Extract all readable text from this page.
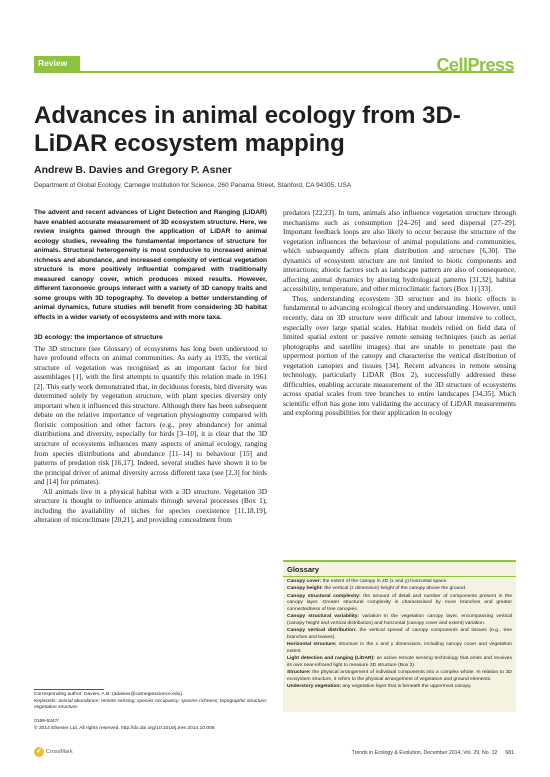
Review	CellPress
Advances in animal ecology from 3D-LiDAR ecosystem mapping
Andrew B. Davies and Gregory P. Asner
Department of Global Ecology, Carnegie Institution for Science, 260 Panama Street, Stanford, CA 94305, USA

The advent and recent advances of Light Detection and Ranging (LiDAR) have enabled accurate measurement of 3D ecosystem structure. Here, we review insights gained through the application of LiDAR to animal ecology studies, revealing the fundamental importance of structure for animals. Structural heterogeneity is most conducive to increased animal richness and abundance, and increased complexity of vertical vegetation structure is more positively influential compared with traditionally measured canopy cover, which produces mixed results. However, different taxonomic groups interact with a variety of 3D canopy traits and some groups with 3D topography. To develop a better understanding of animal dynamics, future studies will benefit from considering 3D habitat effects in a wider variety of ecosystems and with more taxa.

3D ecology: the importance of structure

The 3D structure (see Glossary) of ecosystems has long been understood to have profound effects on animal communities. As early as 1935, the vertical structure of vegetation was recognised as an important factor for bird assemblages [1], with the first attempts to quantify this relation made in 1961 [2]. This early work demonstrated that, in deciduous forests, bird diversity was determined solely by vegetation structure, with plant species diversity only important when it influenced this structure. Although there has been subsequent debate on the relative importance of vegetation physiognomy compared with floristic composition and other factors (e.g., prey abundance) for animal distributions and diversity, especially for birds [3–10], it is clear that the 3D structure of ecosystems influences many aspects of animal ecology, ranging from species distributions and abundance [11–14] to behaviour [15] and patterns of predation risk [16,17]. Indeed, several studies have shown it to be the principal driver of animal diversity across different taxa (see [2,3] for birds and [14] for primates).

All animals live in a physical habitat with a 3D structure. Vegetation 3D structure is thought to influence animals through several processes (Box 1), including the availability of niches for species coexistence [11,18,19], alteration of microclimate [20,21], and providing concealment from

predators [22,23]. In turn, animals also influence vegetation structure through mechanisms such as consumption [24–26] and seed dispersal [27–29]. Important feedback loops are also likely to occur because the structure of the vegetation influences the behaviour of animal populations and communities, which subsequently affects plant distribution and structure [6,30]. The dynamics of ecosystem structure are not limited to biotic components and interactions; abiotic factors such as landscape pattern are also of consequence, affecting animal dynamics by altering hydrological patterns [31,32], habitat accessibility, temperature, and other microclimatic factors (Box 1) [33].

Thus, understanding ecosystem 3D structure and its biotic effects is fundamental to advancing ecological theory and understanding. However, until recently, data on 3D structure were difficult and labour intensive to collect, especially over large spatial scales. Habitat models relied on field data of limited spatial extent or passive remote sensing techniques (such as aerial photographs and satellite images) that are unable to penetrate past the uppermost portion of the canopy and characterise the vertical distribution of vegetation canopies and tissues [34]. Recent advances in remote sensing technology, particularly LiDAR (Box 2), successfully addressed these difficulties, enabling accurate measurement of the 3D structure of ecosystems across spatial scales from tree branches to entire landscapes [34,35]. Much scientific effort has gone into validating the accuracy of LiDAR measurements and exploring possibilities for their application in ecology

Glossary
Canopy cover: the extent of the canopy in 2D (x and y) horizontal space.
Canopy height: the vertical (z dimension) height of the canopy above the ground.
Canopy structural complexity: the amount of detail and number of components present in the canopy layer. Greater structural complexity is characterised by more branches and greater connectedness of tree canopies.
Canopy structural variability: variation in the vegetation canopy layer, encompassing vertical (canopy height and vertical distribution) and horizontal (canopy cover and extent) variation.
Canopy vertical distribution: the vertical spread of canopy components and tissues (e.g., tree branches and leaves).
Horizontal structure: structure in the x and y dimensions, including canopy cover and vegetation extent.
Light detection and ranging (LiDAR): an active remote sensing technology that emits and receives its own near-infrared light to measure 3D structure (Box 2).
Structure: the physical arrangement of individual components into a complex whole. In relation to 3D ecosystem structure, it refers to the physical arrangement of vegetation and ground elements.
Understory vegetation: any vegetation layer that is beneath the uppermost canopy.
Corresponding author: Davies, A.B. (adavies@carnegiescience.edu).
Keywords: animal abundance; remote sensing; species occupancy; species richness; topographic structure; vegetation structure.
0169-5347/
© 2014 Elsevier Ltd. All rights reserved. http://dx.doi.org/10.1016/j.tree.2014.10.005
✓ CrossMark	Trends in Ecology & Evolution, December 2014, Vol. 29, No. 12 681
